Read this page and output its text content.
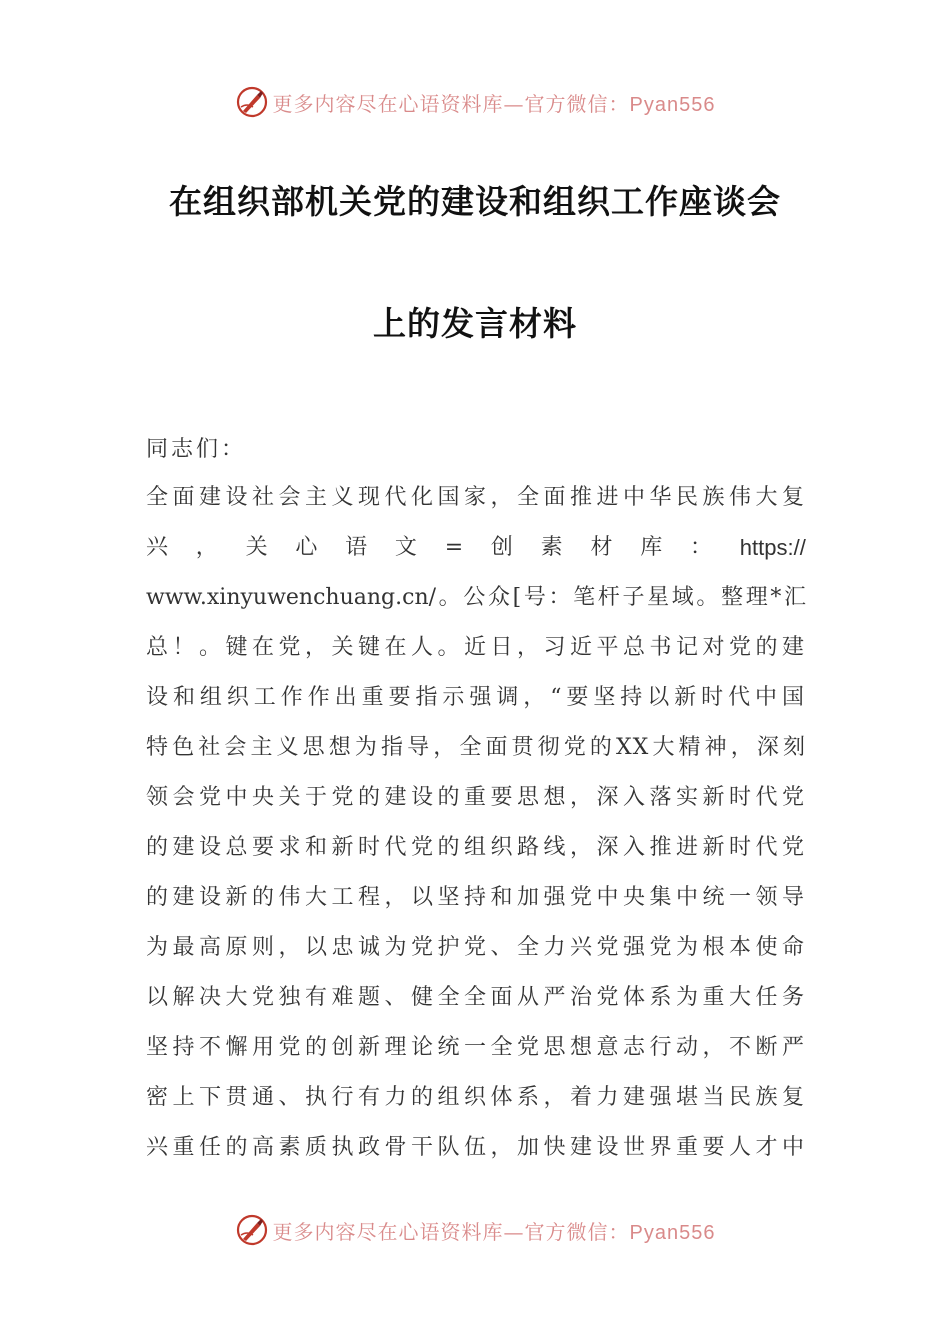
更多内容尽在心语资料库—官方微信：Pyan556
在组织部机关党的建设和组织工作座谈会
上的发言材料
同志们：
全面建设社会主义现代化国家，全面推进中华民族伟大复
兴 ， 关 心 语 文 = 创 素 材 库 ： https://
www.xinyuwenchuang.cn/。公众[号：笔杆子星域。整理*汇
总！。键在党，关键在人。近日，习近平总书记对党的建
设和组织工作作出重要指示强调，“要坚持以新时代中国
特色社会主义思想为指导，全面贯彻党的XX大精神，深刻
领会党中央关于党的建设的重要思想，深入落实新时代党
的建设总要求和新时代党的组织路线，深入推进新时代党
的建设新的伟大工程，以坚持和加强党中央集中统一领导
为最高原则，以忠诚为党护党、全力兴党强党为根本使命
以解决大党独有难题、健全全面从严治党体系为重大任务
坚持不懈用党的创新理论统一全党思想意志行动，不断严
密上下贯通、执行有力的组织体系，着力建强堪当民族复
兴重任的高素质执政骨干队伍，加快建设世界重要人才中
更多内容尽在心语资料库—官方微信：Pyan556
